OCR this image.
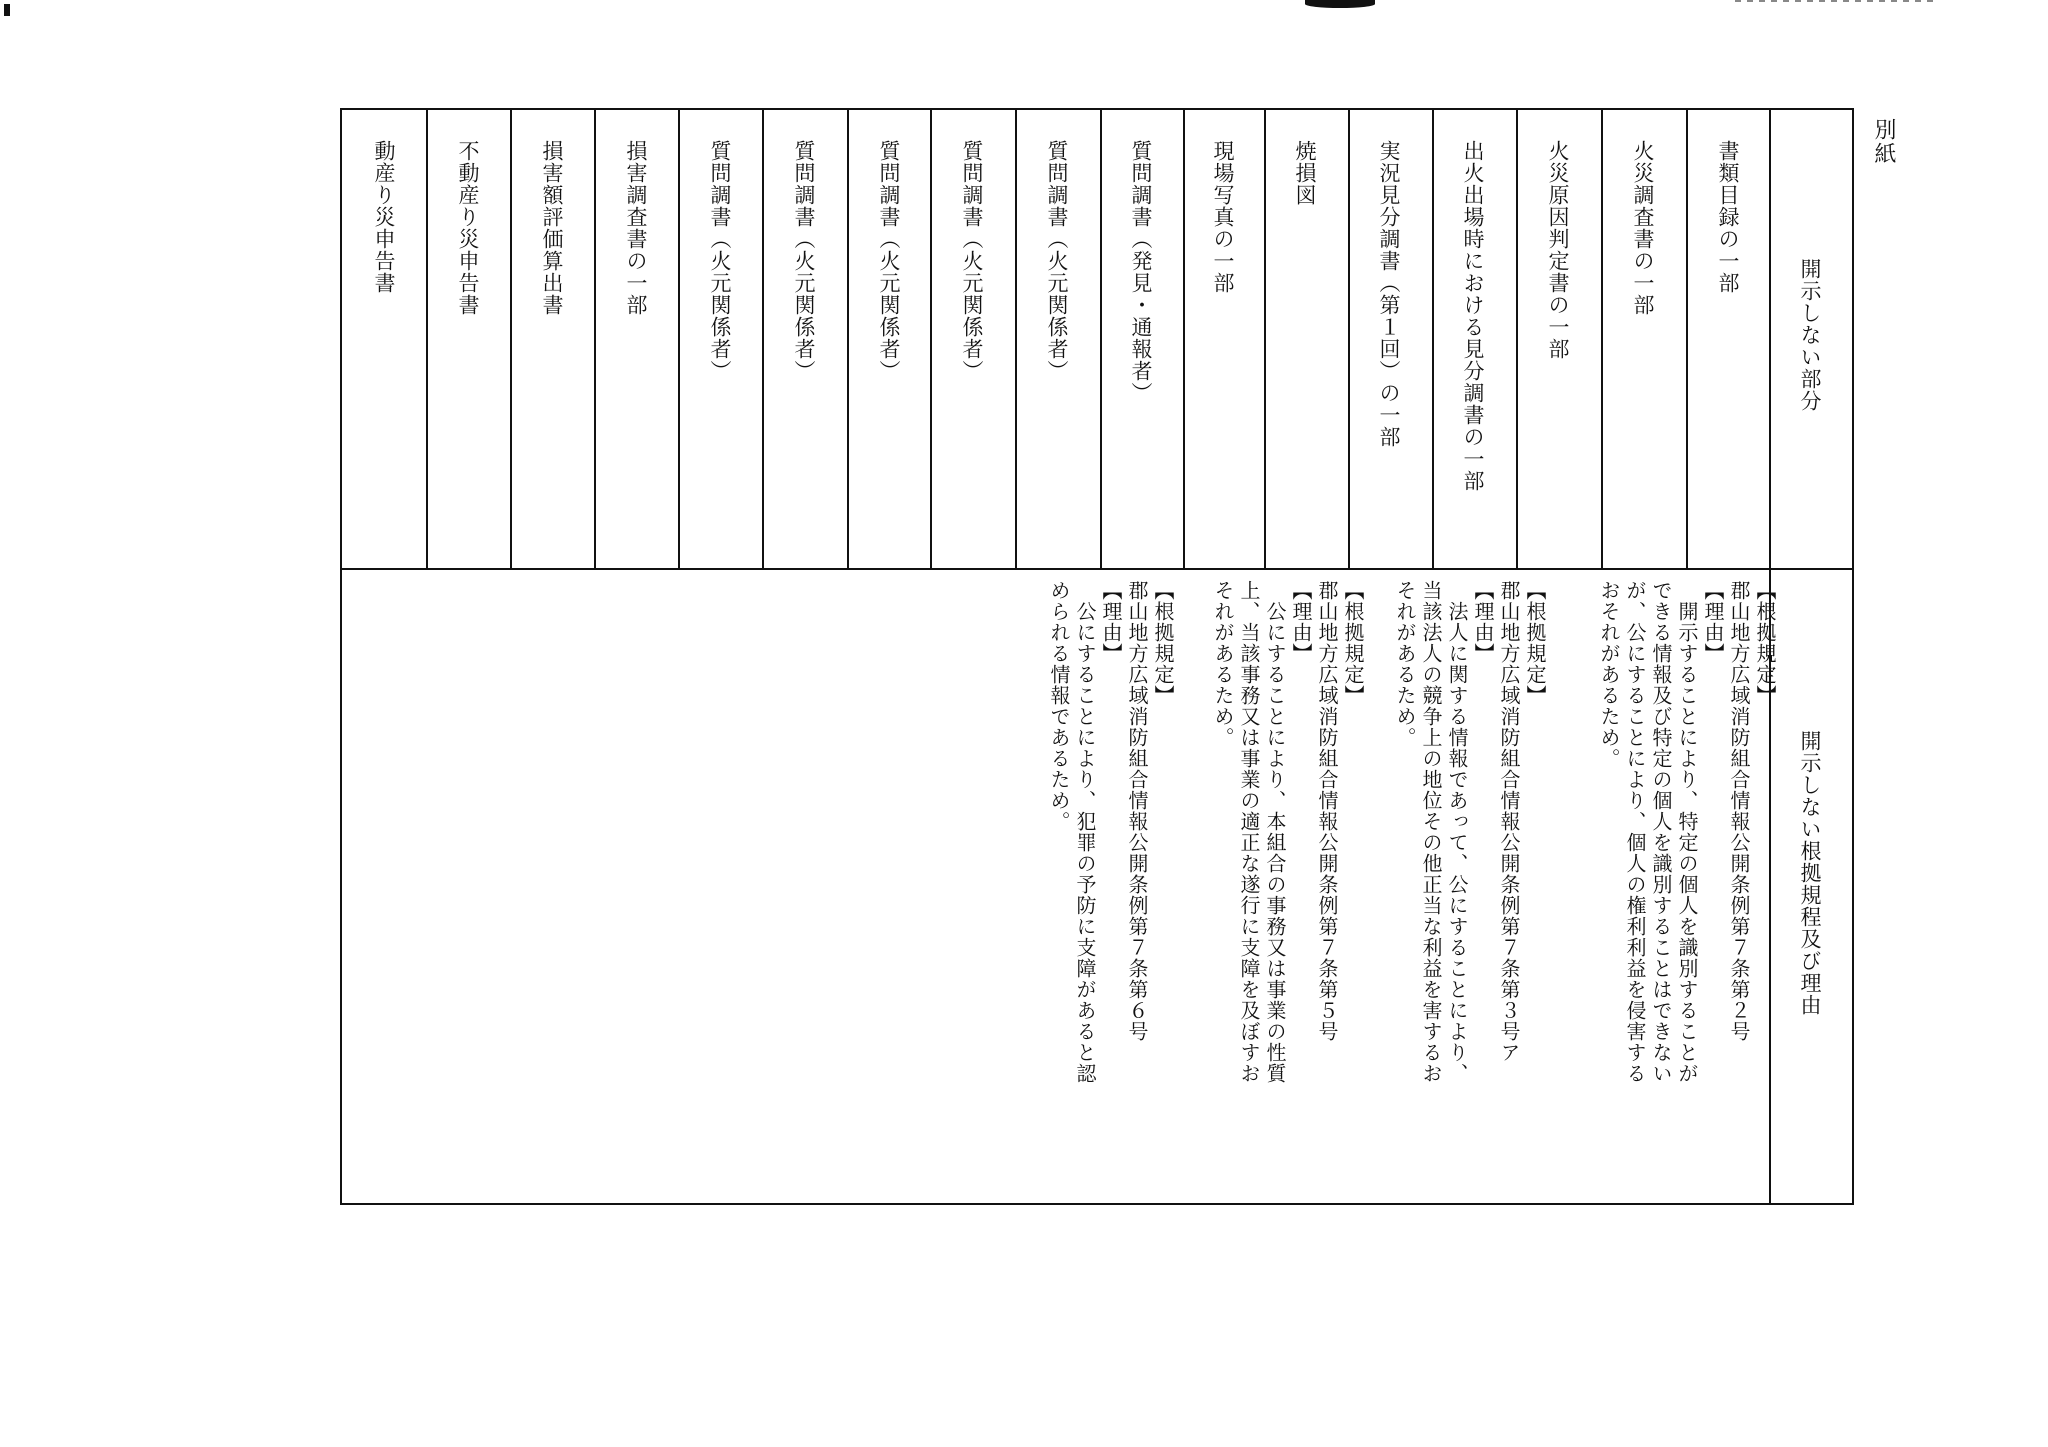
別紙
開示しない部分
開示しない根拠規程及び理由
書類目録の一部
火災調査書の一部
火災原因判定書の一部
出火出場時における見分調書の一部
実況見分調書（第１回）の一部
焼損図
現場写真の一部
質問調書（発見・通報者）
質問調書（火元関係者）
質問調書（火元関係者）
質問調書（火元関係者）
質問調書（火元関係者）
質問調書（火元関係者）
損害調査書の一部
損害額評価算出書
不動産り災申告書
動産り災申告書
【根拠規定】
郡山地方広域消防組合情報公開条例第７条第２号
【理由】
　開示することにより、特定の個人を識別することが
できる情報及び特定の個人を識別することはできない
が、公にすることにより、個人の権利利益を侵害する
おそれがあるため。
【根拠規定】
郡山地方広域消防組合情報公開条例第７条第３号ア
【理由】
　法人に関する情報であって、公にすることにより、
当該法人の競争上の地位その他正当な利益を害するお
それがあるため。
【根拠規定】
郡山地方広域消防組合情報公開条例第７条第５号
【理由】
　公にすることにより、本組合の事務又は事業の性質
上、当該事務又は事業の適正な遂行に支障を及ぼすお
それがあるため。
【根拠規定】
郡山地方広域消防組合情報公開条例第７条第６号
【理由】
　公にすることにより、犯罪の予防に支障があると認
められる情報であるため。
